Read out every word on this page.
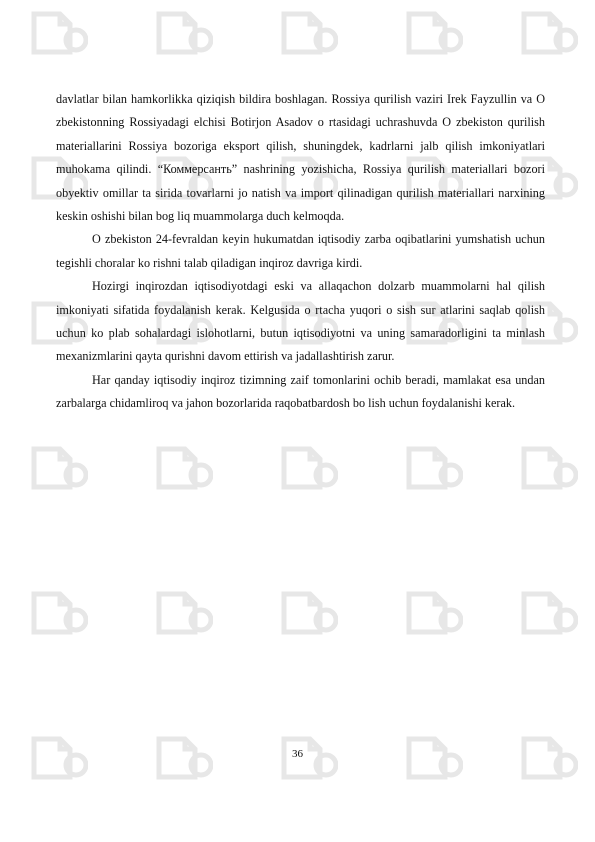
davlatlar bilan hamkorlikka qiziqish bildira boshlagan. Rossiya qurilish vaziri Irek Fayzullin va O zbekistonning Rossiyadagi elchisi Botirjon Asadov o rtasidagi uchrashuvda O zbekiston qurilish materiallarini Rossiya bozoriga eksport qilish, shuningdek, kadrlarni jalb qilish imkoniyatlari muhokama qilindi. “Коммерсанть” nashrining yozishicha, Rossiya qurilish materiallari bozori obyektiv omillar ta sirida tovarlarni jo natish va import qilinadigan qurilish materiallari narxining keskin oshishi bilan bog liq muammolarga duch kelmoqda.

O zbekiston 24-fevraldan keyin hukumatdan iqtisodiy zarba oqibatlarini yumshatish uchun tegishli choralar ko rishni talab qiladigan inqiroz davriga kirdi.

Hozirgi inqirozdan iqtisodiyotdagi eski va allaqachon dolzarb muammolarni hal qilish imkoniyati sifatida foydalanish kerak. Kelgusida o rtacha yuqori o sish sur atlarini saqlab qolish uchun ko plab sohalardagi islohotlarni, butun iqtisodiyotni va uning samaradorligini ta minlash mexanizmlarini qayta qurishni davom ettirish va jadallashtirish zarur.

Har qanday iqtisodiy inqiroz tizimning zaif tomonlarini ochib beradi, mamlakat esa undan zarbalarga chidamliroq va jahon bozorlarida raqobatbardosh bo lish uchun foydalanishi kerak.

36
